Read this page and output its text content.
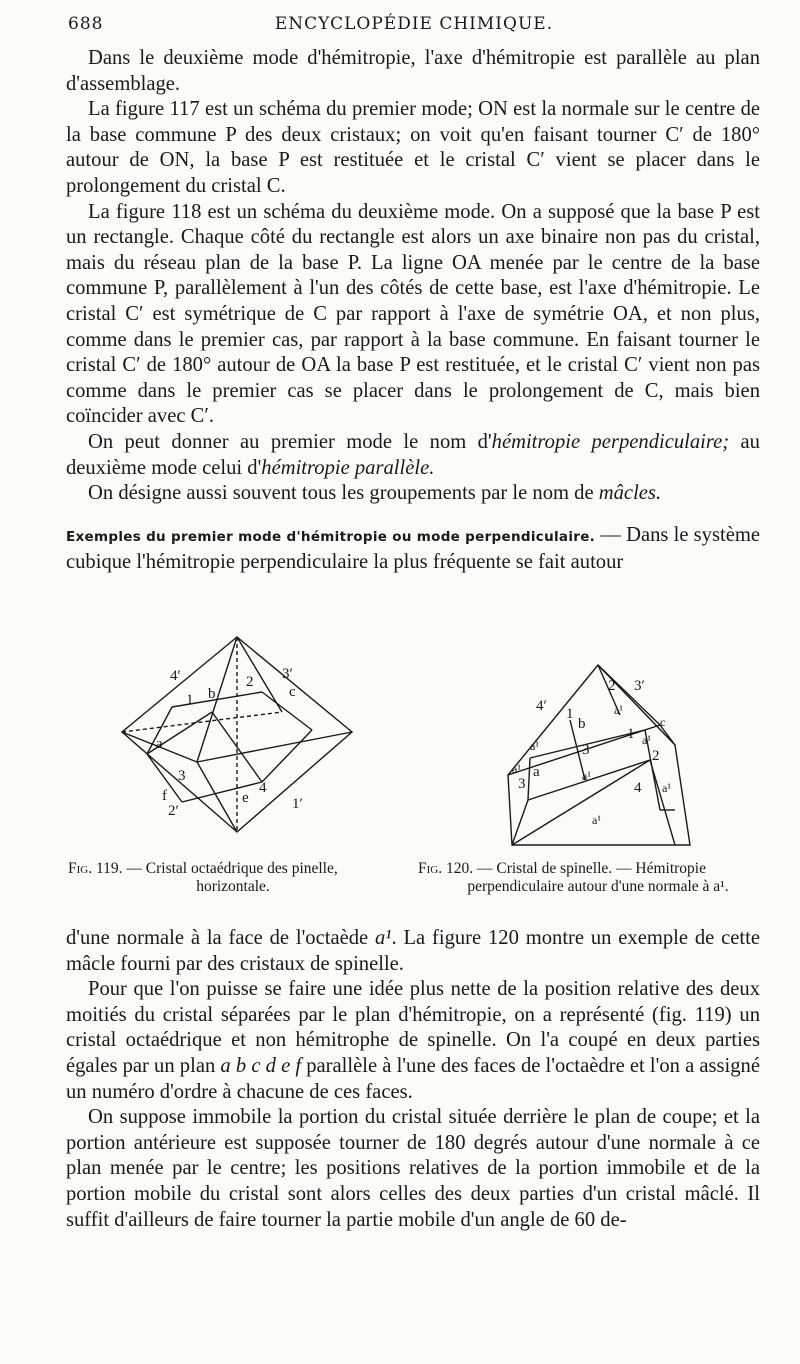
688	ENCYCLOPÉDIE CHIMIQUE.

Dans le deuxième mode d'hémitropie, l'axe d'hémitropie est parallèle au plan d'assemblage.

La figure 117 est un schéma du premier mode; ON est la normale sur le centre de la base commune P des deux cristaux; on voit qu'en faisant tourner C′ de 180° autour de ON, la base P est restituée et le cristal C′ vient se placer dans le prolongement du cristal C.

La figure 118 est un schéma du deuxième mode. On a supposé que la base P est un rectangle. Chaque côté du rectangle est alors un axe binaire non pas du cristal, mais du réseau plan de la base P. La ligne OA menée par le centre de la base commune P, parallèlement à l'un des côtés de cette base, est l'axe d'hémitropie. Le cristal C′ est symétrique de C par rapport à l'axe de symétrie OA, et non plus, comme dans le premier cas, par rapport à la base commune. En faisant tourner le cristal C′ de 180° autour de OA la base P est restituée, et le cristal C′ vient non pas comme dans le premier cas se placer dans le prolongement de C, mais bien coïncider avec C′.

On peut donner au premier mode le nom d'hémitropie perpendiculaire; au deuxième mode celui d'hémitropie parallèle.

On désigne aussi souvent tous les groupements par le nom de mâcles.

Exemples du premier mode d'hémitropie ou mode perpendiculaire. — Dans le système cubique l'hémitropie perpendiculaire la plus fréquente se fait autour

4′
1 b
2 3′
c
a
3
f
2′
4
e	1′
2 3′
4′ 1
b
a¹
c
a¹	3
1 a¹
2
a¹
3
a	a¹
4 a¹
a¹
Fig. 119. — Cristal octaédrique des pinelle,
horizontale.
Fig. 120. — Cristal de spinelle. — Hémitropie
perpendiculaire autour d'une normale à a¹.

d'une normale à la face de l'octaède a¹. La figure 120 montre un exemple de cette mâcle fourni par des cristaux de spinelle.

Pour que l'on puisse se faire une idée plus nette de la position relative des deux moitiés du cristal séparées par le plan d'hémitropie, on a représenté (fig. 119) un cristal octaédrique et non hémitrophe de spinelle. On l'a coupé en deux parties égales par un plan a b c d e f parallèle à l'une des faces de l'octaèdre et l'on a assigné un numéro d'ordre à chacune de ces faces.

On suppose immobile la portion du cristal située derrière le plan de coupe; et la portion antérieure est supposée tourner de 180 degrés autour d'une normale à ce plan menée par le centre; les positions relatives de la portion immobile et de la portion mobile du cristal sont alors celles des deux parties d'un cristal mâclé. Il suffit d'ailleurs de faire tourner la partie mobile d'un angle de 60 de-
